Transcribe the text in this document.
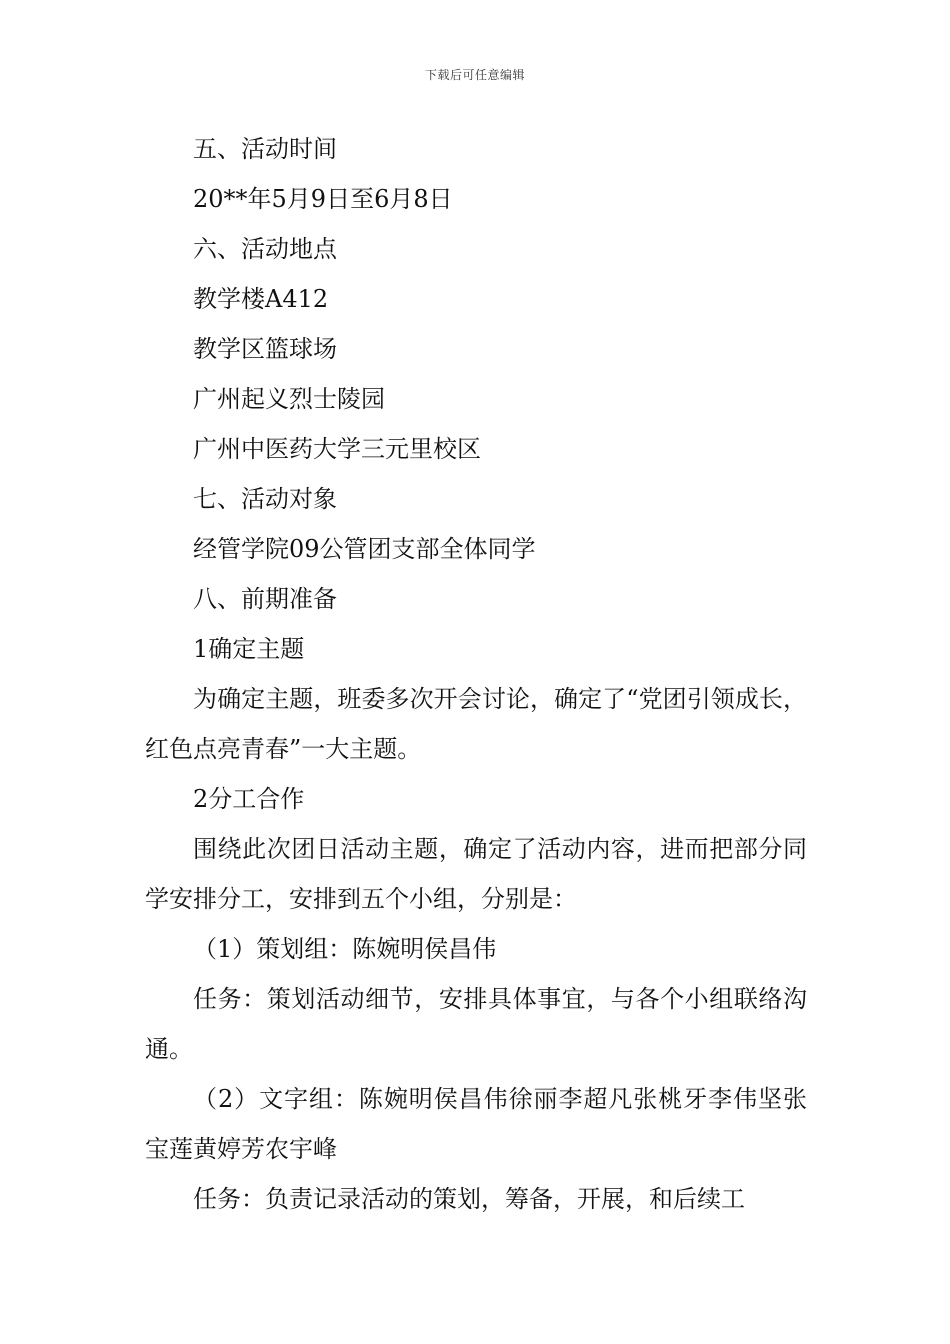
下载后可任意编辑

五、活动时间

20**年5月9日至6月8日

六、活动地点

教学楼A412

教学区篮球场

广州起义烈士陵园

广州中医药大学三元里校区

七、活动对象

经管学院09公管团支部全体同学

八、前期准备

1确定主题

为确定主题，班委多次开会讨论，确定了“党团引领成长，红色点亮青春”一大主题。

2分工合作

围绕此次团日活动主题，确定了活动内容，进而把部分同学安排分工，安排到五个小组，分别是：

（1）策划组：陈婉明侯昌伟

任务：策划活动细节，安排具体事宜，与各个小组联络沟通。

（2）文字组：陈婉明侯昌伟徐丽李超凡张桃牙李伟坚张宝莲黄婷芳农宇峰

任务：负责记录活动的策划，筹备，开展，和后续工
